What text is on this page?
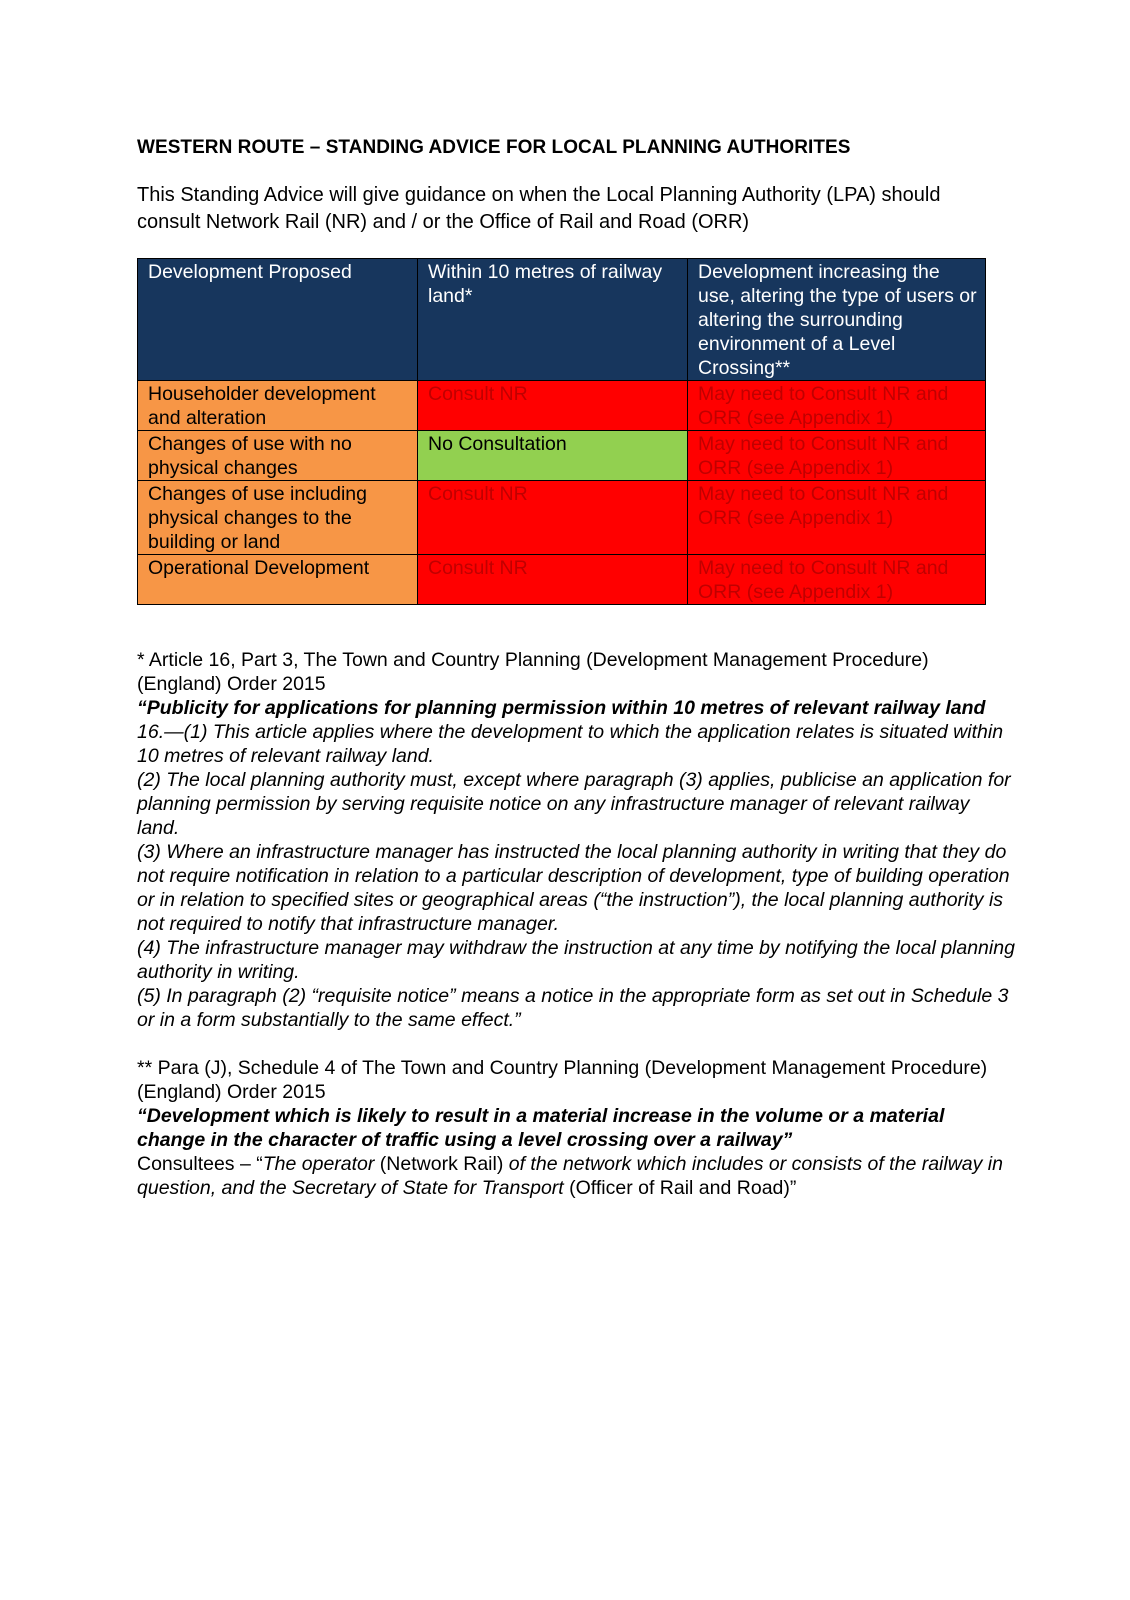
WESTERN ROUTE – STANDING ADVICE FOR LOCAL PLANNING AUTHORITES
This Standing Advice will give guidance on when the Local Planning Authority (LPA) should consult Network Rail (NR) and / or the Office of Rail and Road (ORR)
Development Proposed	Within 10 metres of railway land*	Development increasing the use, altering the type of users or altering the surrounding environment of a Level Crossing**
Householder development and alteration	Consult NR	May need to Consult NR and ORR (see Appendix 1)
Changes of use with no physical changes	No Consultation	May need to Consult NR and ORR (see Appendix 1)
Changes of use including physical changes to the building or land	Consult NR	May need to Consult NR and ORR (see Appendix 1)
Operational Development	Consult NR	May need to Consult NR and ORR (see Appendix 1)

* Article 16, Part 3, The Town and Country Planning (Development Management Procedure) (England) Order 2015

“Publicity for applications for planning permission within 10 metres of relevant railway land

16.—(1) This article applies where the development to which the application relates is situated within 10 metres of relevant railway land.

(2) The local planning authority must, except where paragraph (3) applies, publicise an application for planning permission by serving requisite notice on any infrastructure manager of relevant railway land.

(3) Where an infrastructure manager has instructed the local planning authority in writing that they do not require notification in relation to a particular description of development, type of building operation or in relation to specified sites or geographical areas (“the instruction”), the local planning authority is not required to notify that infrastructure manager.

(4) The infrastructure manager may withdraw the instruction at any time by notifying the local planning authority in writing.

(5) In paragraph (2) “requisite notice” means a notice in the appropriate form as set out in Schedule 3 or in a form substantially to the same effect.”

** Para (J), Schedule 4 of The Town and Country Planning (Development Management Procedure) (England) Order 2015

“Development which is likely to result in a material increase in the volume or a material change in the character of traffic using a level crossing over a railway”

Consultees – “The operator (Network Rail) of the network which includes or consists of the railway in question, and the Secretary of State for Transport (Officer of Rail and Road)”
